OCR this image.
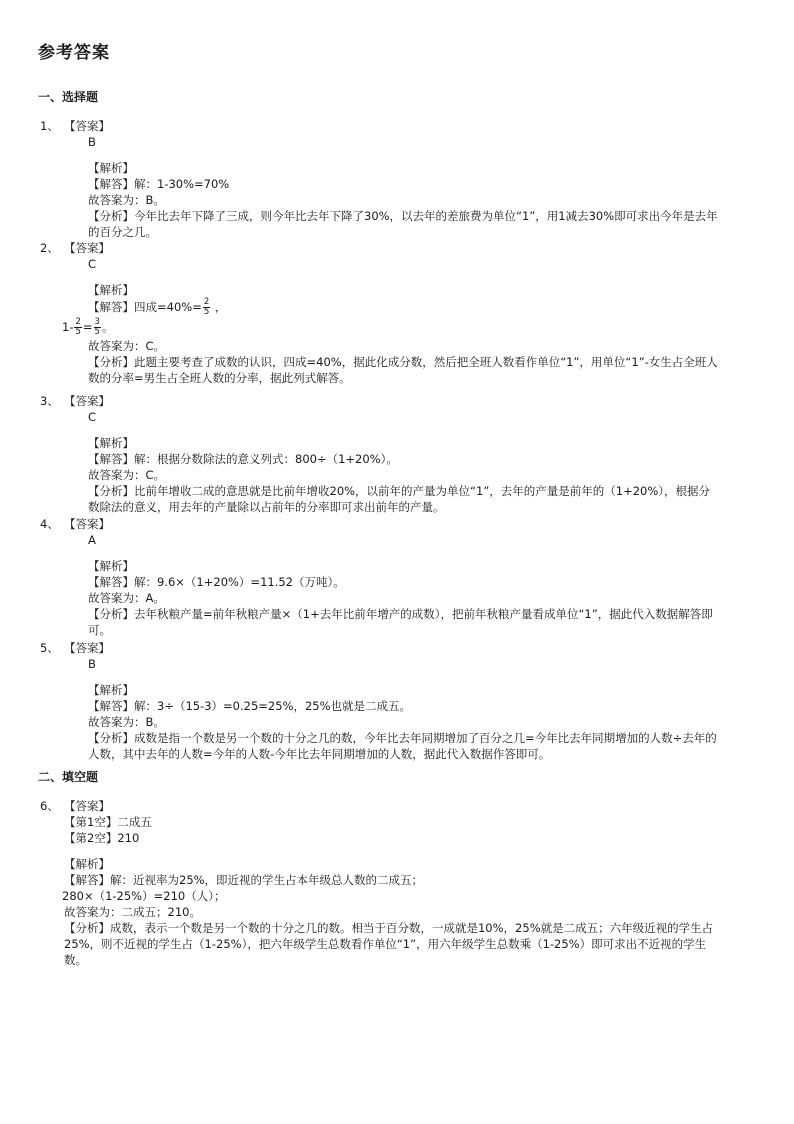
参考答案
一、选择题
1、 【答案】
B
【解析】
【解答】解：1-30%=70%
故答案为：B。
【分析】今年比去年下降了三成，则今年比去年下降了30%，以去年的差旅费为单位“1”，用1减去30%即可求出今年是去年的百分之几。
2、 【答案】
C
【解析】
【解答】四成$=40\%= \frac{2}{5}$ ，
$1- \frac{2}{5} = \frac{3}{5}$ 。
故答案为：C。
【分析】此题主要考查了成数的认识，四成=40%，据此化成分数，然后把全班人数看作单位“1”，用单位“1”-女生占全班人数的分率=男生占全班人数的分率，据此列式解答。
3、 【答案】
C
【解析】
【解答】解：根据分数除法的意义列式：800÷（1+20%）。
故答案为：C。
【分析】比前年增收二成的意思就是比前年增收20%，以前年的产量为单位“1”，去年的产量是前年的（1+20%），根据分数除法的意义，用去年的产量除以占前年的分率即可求出前年的产量。
4、 【答案】
A
【解析】
【解答】解：9.6×（1+20%）=11.52（万吨）。
故答案为：A。
【分析】去年秋粮产量=前年秋粮产量×（1+去年比前年增产的成数），把前年秋粮产量看成单位“1”，据此代入数据解答即可。
5、 【答案】
B
【解析】
【解答】解：3÷（15-3）=0.25=25%，25%也就是二成五。
故答案为：B。
【分析】成数是指一个数是另一个数的十分之几的数，今年比去年同期增加了百分之几=今年比去年同期增加的人数÷去年的人数，其中去年的人数=今年的人数-今年比去年同期增加的人数，据此代入数据作答即可。
二、填空题
6、 【答案】
【第1空】二成五
【第2空】210
【解析】
【解答】解：近视率为25%，即近视的学生占本年级总人数的二成五；
280×（1-25%）=210（人）；
故答案为：二成五；210。
【分析】成数，表示一个数是另一个数的十分之几的数。相当于百分数，一成就是10%，25%就是二成五；六年级近视的学生占25%，则不近视的学生占（1-25%），把六年级学生总数看作单位“1”，用六年级学生总数乘（1-25%）即可求出不近视的学生数。
